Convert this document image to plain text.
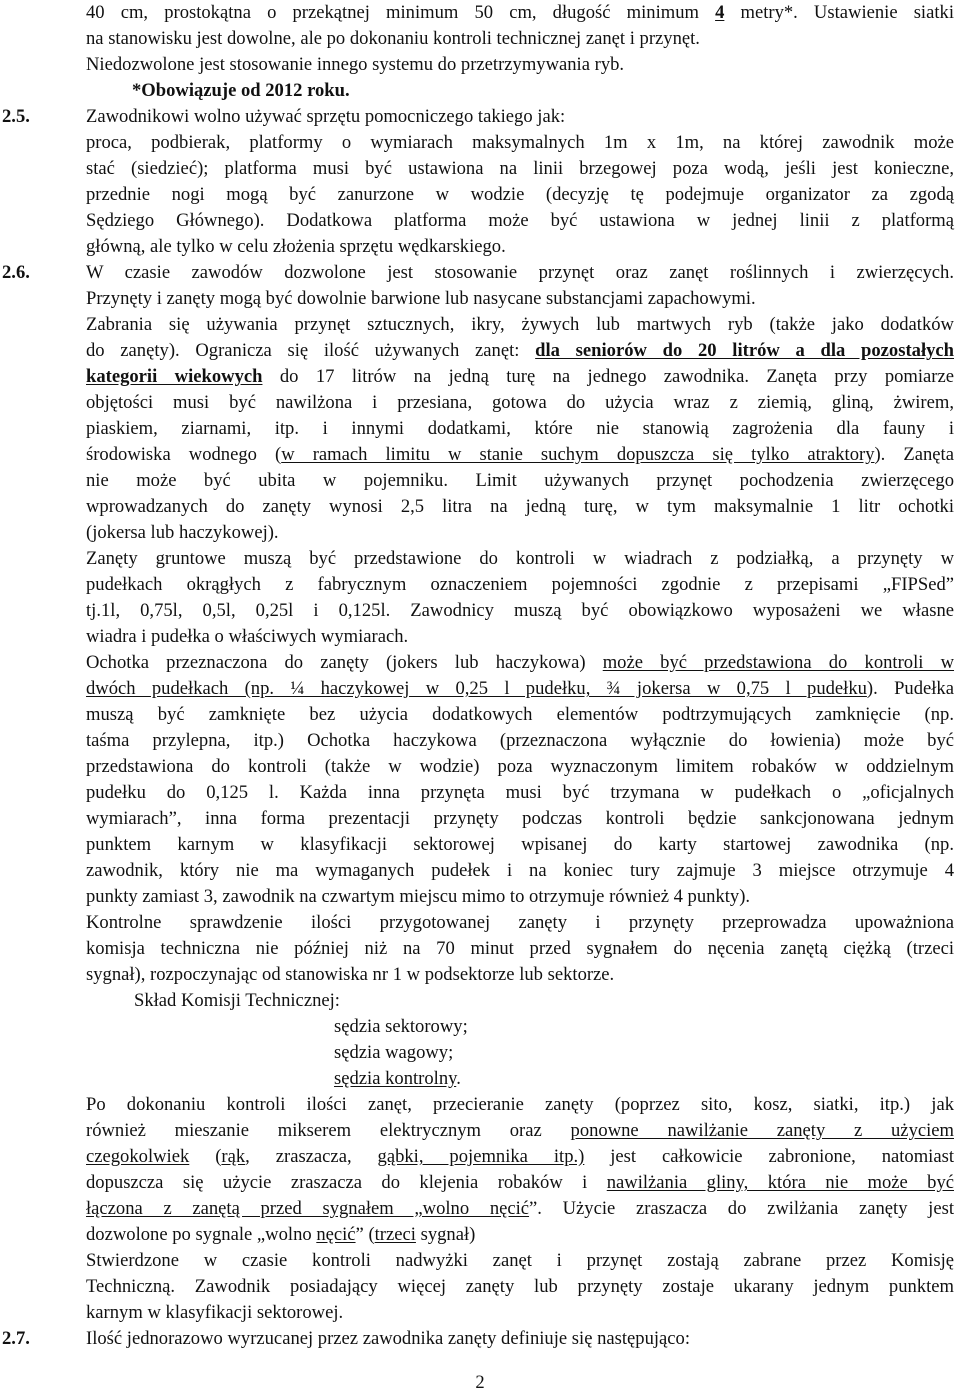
40 cm, prostokątna o przekątnej minimum 50 cm, długość minimum 4 metry*. Ustawienie siatki
na stanowisku jest dowolne, ale po dokonaniu kontroli technicznej zanęt i przynęt.
Niedozwolone jest stosowanie innego systemu do przetrzymywania ryb.
*Obowiązuje od 2012 roku.
2.5.	Zawodnikowi wolno używać sprzętu pomocniczego takiego jak:
proca, podbierak, platformy o wymiarach maksymalnych 1m x 1m, na której zawodnik może
stać (siedzieć); platforma musi być ustawiona na linii brzegowej poza wodą, jeśli jest konieczne,
przednie nogi mogą być zanurzone w wodzie (decyzję tę podejmuje organizator za zgodą
Sędziego Głównego). Dodatkowa platforma może być ustawiona w jednej linii z platformą
główną, ale tylko w celu złożenia sprzętu wędkarskiego.
2.6.	W czasie zawodów dozwolone jest stosowanie przynęt oraz zanęt roślinnych i zwierzęcych.
Przynęty i zanęty mogą być dowolnie barwione lub nasycane substancjami zapachowymi.
Zabrania się używania przynęt sztucznych, ikry, żywych lub martwych ryb (także jako dodatków
do zanęty). Ogranicza się ilość używanych zanęt: dla seniorów do 20 litrów a dla pozostałych
kategorii wiekowych do 17 litrów na jedną turę na jednego zawodnika. Zanęta przy pomiarze
objętości musi być nawilżona i przesiana, gotowa do użycia wraz z ziemią, gliną, żwirem,
piaskiem, ziarnami, itp. i innymi dodatkami, które nie stanowią zagrożenia dla fauny i
środowiska wodnego (w ramach limitu w stanie suchym dopuszcza się tylko atraktory). Zanęta
nie może być ubita w pojemniku. Limit używanych przynęt pochodzenia zwierzęcego
wprowadzanych do zanęty wynosi 2,5 litra na jedną turę, w tym maksymalnie 1 litr ochotki
(jokersa lub haczykowej).
Zanęty gruntowe muszą być przedstawione do kontroli w wiadrach z podziałką, a przynęty w
pudełkach okrągłych z fabrycznym oznaczeniem pojemności zgodnie z przepisami „FIPSed”
tj.1l, 0,75l, 0,5l, 0,25l i 0,125l. Zawodnicy muszą być obowiązkowo wyposażeni we własne
wiadra i pudełka o właściwych wymiarach.
Ochotka przeznaczona do zanęty (jokers lub haczykowa) może być przedstawiona do kontroli w
dwóch pudełkach (np. ¼ haczykowej w 0,25 l pudełku, ¾ jokersa w 0,75 l pudełku). Pudełka
muszą być zamknięte bez użycia dodatkowych elementów podtrzymujących zamknięcie (np.
taśma przylepna, itp.) Ochotka haczykowa (przeznaczona wyłącznie do łowienia) może być
przedstawiona do kontroli (także w wodzie) poza wyznaczonym limitem robaków w oddzielnym
pudełku do 0,125 l. Każda inna przynęta musi być trzymana w pudełkach o „oficjalnych
wymiarach”, inna forma prezentacji przynęty podczas kontroli będzie sankcjonowana jednym
punktem karnym w klasyfikacji sektorowej wpisanej do karty startowej zawodnika (np.
zawodnik, który nie ma wymaganych pudełek i na koniec tury zajmuje 3 miejsce otrzymuje 4
punkty zamiast 3, zawodnik na czwartym miejscu mimo to otrzymuje również 4 punkty).
Kontrolne sprawdzenie ilości przygotowanej zanęty i przynęty przeprowadza upoważniona
komisja techniczna nie później niż na 70 minut przed sygnałem do nęcenia zanętą ciężką (trzeci
sygnał), rozpoczynając od stanowiska nr 1 w podsektorze lub sektorze.
Skład Komisji Technicznej:
sędzia sektorowy;
sędzia wagowy;
sędzia kontrolny.
Po dokonaniu kontroli ilości zanęt, przecieranie zanęty (poprzez sito, kosz, siatki, itp.) jak
również mieszanie mikserem elektrycznym oraz ponowne nawilżanie zanęty z użyciem
czegokolwiek (rąk, zraszacza, gąbki, pojemnika itp.) jest całkowicie zabronione, natomiast
dopuszcza się użycie zraszacza do klejenia robaków i nawilżania gliny, która nie może być
łączona z zanętą przed sygnałem „wolno nęcić”. Użycie zraszacza do zwilżania zanęty jest
dozwolone po sygnale „wolno nęcić” (trzeci sygnał)
Stwierdzone w czasie kontroli nadwyżki zanęt i przynęt zostają zabrane przez Komisję
Techniczną. Zawodnik posiadający więcej zanęty lub przynęty zostaje ukarany jednym punktem
karnym w klasyfikacji sektorowej.
2.7.	Ilość jednorazowo wyrzucanej przez zawodnika zanęty definiuje się następująco:
2
